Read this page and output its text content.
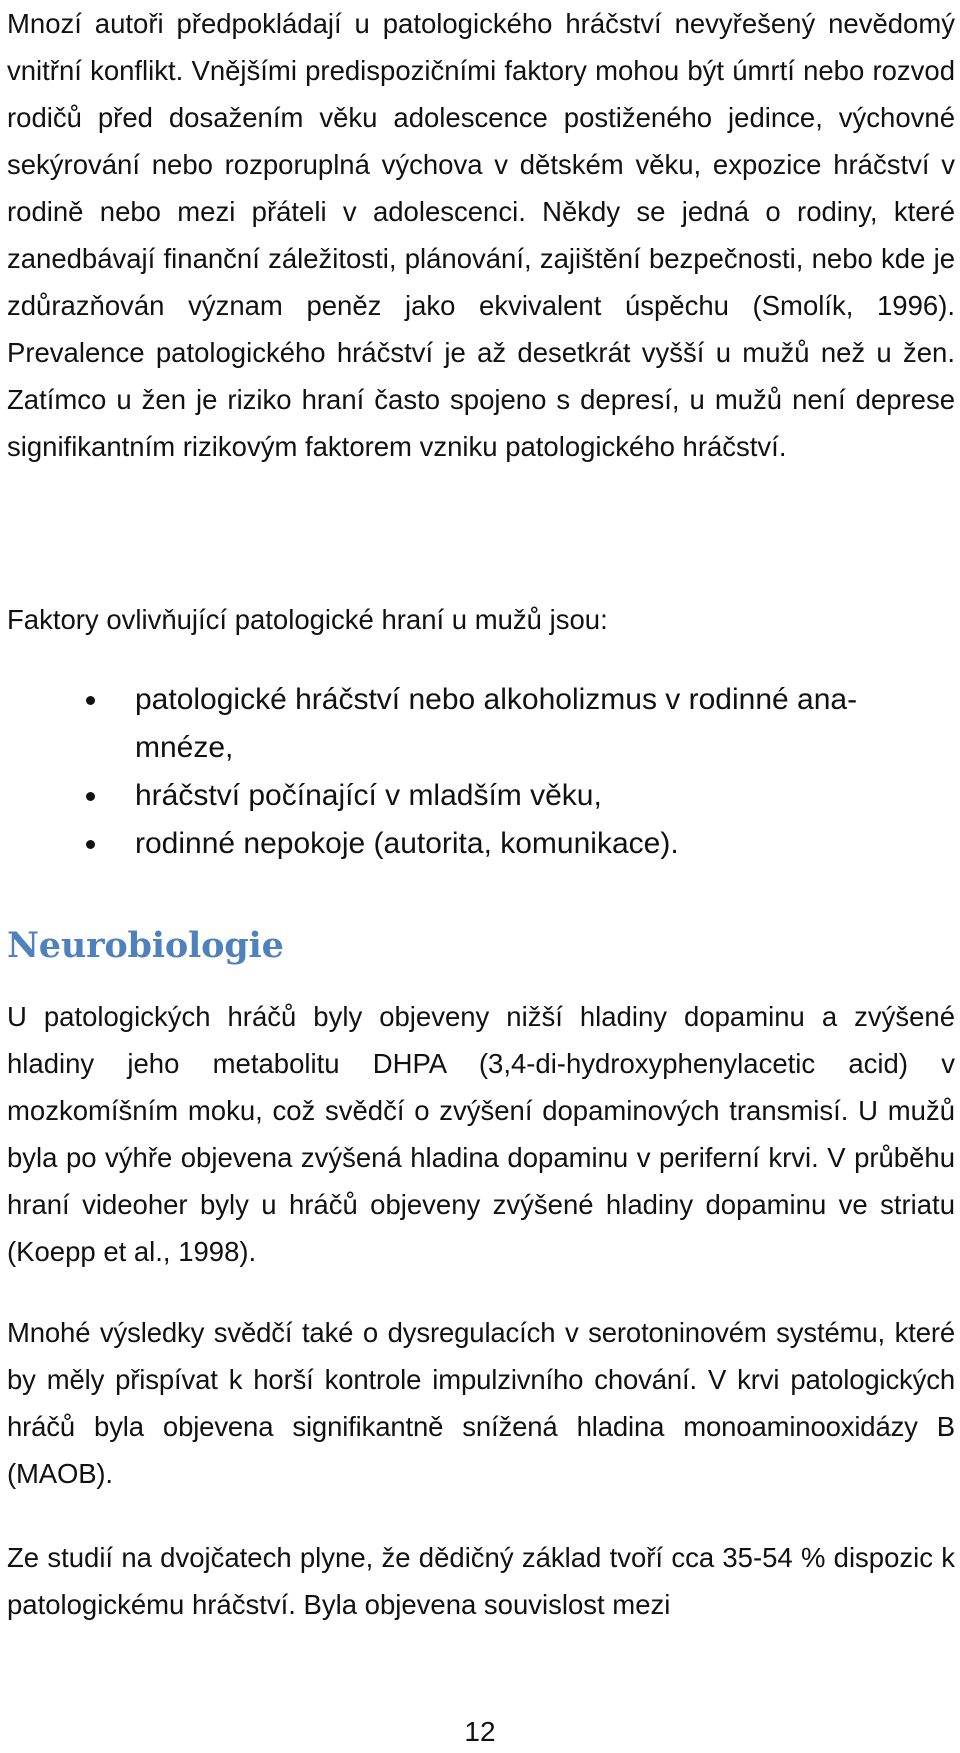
Mnozí autoři předpokládají u patologického hráčství nevyřešený nevědomý vnitřní konflikt. Vnějšími predispozičními faktory mohou být úmrtí nebo rozvod rodičů před dosažením věku adolescence postiženého jedince, výchovné sekýrování nebo rozporuplná výchova v dětském věku, expozice hráčství v rodině nebo mezi přáteli v adolescenci. Někdy se jedná o rodiny, které zanedbávají finanční záležitosti, plánování, zajištění bezpečnosti, nebo kde je zdůrazňován význam peněz jako ekvivalent úspěchu (Smolík, 1996). Prevalence patologického hráčství je až desetkrát vyšší u mužů než u žen. Zatímco u žen je riziko hraní často spojeno s depresí, u mužů není deprese signifikantním rizikovým faktorem vzniku patologického hráčství.

Faktory ovlivňující patologické hraní u mužů jsou:

patologické hráčství nebo alkoholizmus v rodinné anamnéze,
hráčství počínající v mladším věku,
rodinné nepokoje (autorita, komunikace).
Neurobiologie

U patologických hráčů byly objeveny nižší hladiny dopaminu a zvýšené hladiny jeho metabolitu DHPA (3,4-di-hydroxyphenylacetic acid) v mozkomíšním moku, což svědčí o zvýšení dopaminových transmisí. U mužů byla po výhře objevena zvýšená hladina dopaminu v periferní krvi. V průběhu hraní videoher byly u hráčů objeveny zvýšené hladiny dopaminu ve striatu (Koepp et al., 1998).

Mnohé výsledky svědčí také o dysregulacích v serotoninovém systému, které by měly přispívat k horší kontrole impulzivního chování. V krvi patologických hráčů byla objevena signifikantně snížená hladina monoaminooxidázy B (MAOB).

Ze studií na dvojčatech plyne, že dědičný základ tvoří cca 35-54 % dispozic k patologickému hráčství. Byla objevena souvislost mezi

12
